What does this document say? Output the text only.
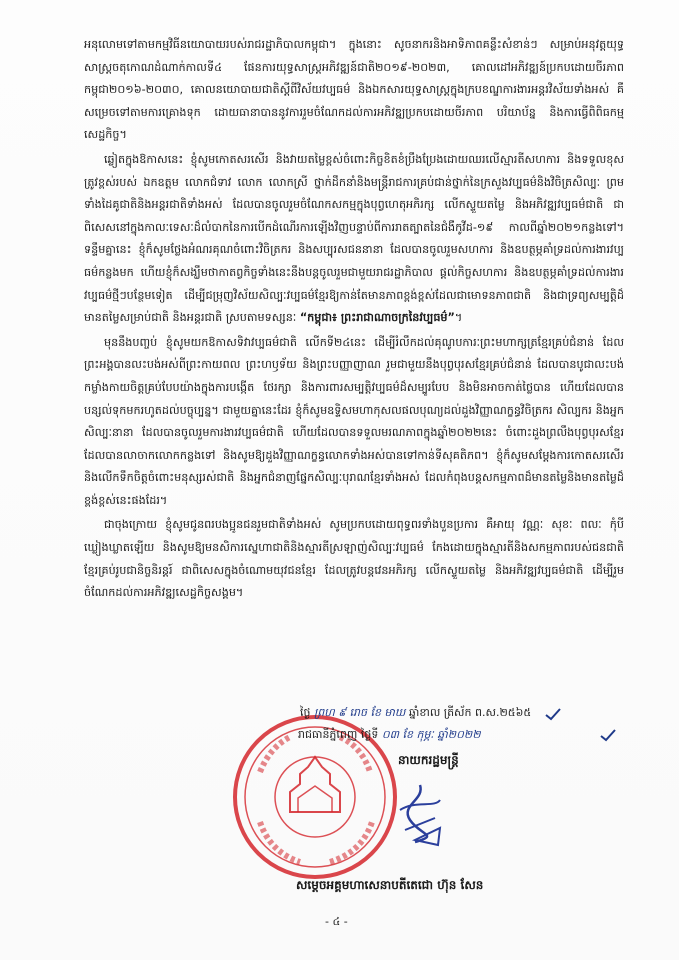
អនុលោមទៅតាមកម្មវិធីនយោបាយរបស់រាជរដ្ឋាភិបាលកម្ពុជា។ ក្នុងនោះ សូចនាករនិងអាទិភាពគន្លឹះសំខាន់ៗ សម្រាប់អនុវត្តយុទ្ធសាស្ត្រចតុកោណដំណាក់កាលទី៤ ផែនការយុទ្ធសាស្ត្រអភិវឌ្ឍន៍ជាតិ២០១៩-២០២៣, គោលដៅអភិវឌ្ឍន៍ប្រកបដោយចីរភាពកម្ពុជា២០១៦-២០៣០, គោលនយោបាយជាតិស្តីពីវិស័យវប្បធម៌ និងឯកសារយុទ្ធសាស្ត្រក្នុងក្របខណ្ឌការងារអន្តរវិស័យទាំងអស់ គឺសម្រេចទៅតាមការគ្រោងទុក ដោយធានាបាននូវការរួមចំណែកដល់ការអភិវឌ្ឍប្រកបដោយចីរភាព បរិយាប័ន្ន និងការធ្វើពិពិធកម្មសេដ្ឋកិច្ច។

ឆ្លៀតក្នុងឱកាសនេះ ខ្ញុំសូមកោតសរសើរ និងវាយតម្លៃខ្ពស់ចំពោះកិច្ចខិតខំប្រឹងប្រែងដោយឈរលើស្មារតីសហការ និងទទួលខុសត្រូវខ្ពស់របស់ ឯកឧត្តម លោកជំទាវ លោក លោកស្រី ថ្នាក់ដឹកនាំនិងមន្ត្រីរាជការគ្រប់ជាន់ថ្នាក់នៃក្រសួងវប្បធម៌និងវិចិត្រសិល្បៈ ព្រមទាំងដៃគូជាតិនិងអន្តរជាតិទាំងអស់ ដែលបានចូលរួមចំណែកសកម្មក្នុងបុព្វហេតុអភិរក្ស លើកស្ទួយតម្លៃ និងអភិវឌ្ឍវប្បធម៌ជាតិ ជាពិសេសនៅក្នុងកាលៈទេសៈដ៏លំបាកនៃការបើកដំណើរការឡើងវិញបន្ទាប់ពីការរាតត្បាតនៃជំងឺកូវីដ-១៩ កាលពីឆ្នាំ២០២១កន្លងទៅ។ ទន្ទឹមគ្នានេះ ខ្ញុំក៏សូមថ្លែងអំណរគុណចំពោះវិចិត្រករ និងសប្បុរសជននានា ដែលបានចូលរួមសហការ និងឧបត្ថម្ភគាំទ្រដល់ការងារវប្បធម៌កន្លងមក ហើយខ្ញុំក៏សង្ឃឹមថាកាតព្វកិច្ចទាំងនេះនឹងបន្តចូលរួមជាមួយរាជរដ្ឋាភិបាល ផ្តល់កិច្ចសហការ និងឧបត្ថម្ភគាំទ្រដល់ការងារវប្បធម៌ថ្មីៗបន្ថែមទៀត ដើម្បីជម្រុញវិស័យសិល្បៈវប្បធម៌ខ្មែរឱ្យកាន់តែមានភាពខ្ពង់ខ្ពស់ដែលជាមោទនភាពជាតិ និងជាទ្រព្យសម្បត្តិដ៏មានតម្លៃសម្រាប់ជាតិ និងអន្តរជាតិ ស្របតាមទស្សនៈ “កម្ពុជា៖ ព្រះរាជាណាចក្រនៃវប្បធម៌”។

មុននឹងបញ្ចប់ ខ្ញុំសូមយកឱកាសទិវាវប្បធម៌ជាតិ លើកទី២៤នេះ ដើម្បីរំលឹកដល់គុណូបការៈព្រះមហាក្សត្រខ្មែរគ្រប់ជំនាន់ ដែលព្រះអង្គបានលះបង់អស់ពីព្រះកាយពល ព្រះហឫទ័យ និងព្រះបញ្ញាញាណ រួមជាមួយនឹងបុព្វបុរសខ្មែរគ្រប់ជំនាន់ ដែលបានបូជាលះបង់កម្លាំងកាយចិត្តគ្រប់បែបយ៉ាងក្នុងការបង្កើត ថែរក្សា និងការពារសម្បត្តិវប្បធម៌ដ៏សម្បូរបែប និងមិនអាចកាត់ថ្លៃបាន ហើយដែលបានបន្សល់ទុកមករហូតដល់បច្ចុប្បន្ន។ ជាមួយគ្នានេះដែរ ខ្ញុំក៏សូមឧទ្ទិសមហាកុសលផលបុណ្យដល់ដួងវិញ្ញាណក្ខន្ធវិចិត្រករ សិល្បករ និងអ្នកសិល្បៈនានា ដែលបានចូលរួមការងារវប្បធម៌ជាតិ ហើយដែលបានទទួលមរណភាពក្នុងឆ្នាំ២០២២នេះ ចំពោះដួងព្រលឹងបុព្វបុរសខ្មែរ ដែលបានលាចាកលោកកន្លងទៅ និងសូមឱ្យដួងវិញ្ញាណក្ខន្ធលោកទាំងអស់បានទៅកាន់ទីសុគតិភព។ ខ្ញុំក៏សូមសម្តែងការកោតសរសើរ និងលើកទឹកចិត្តចំពោះមនុស្សរស់ជាតិ និងអ្នកជំនាញផ្នែកសិល្បៈបុរាណខ្មែរទាំងអស់ ដែលកំពុងបន្តសកម្មភាពដ៏មានតម្លៃនិងមានតម្លៃដ៏ខ្ពង់ខ្ពស់នេះផងដែរ។

ជាចុងក្រោយ ខ្ញុំសូមជូនពរបងប្អូនជនរួមជាតិទាំងអស់ សូមប្រកបដោយពុទ្ធពរទាំងបួនប្រការ គឺអាយុ វណ្ណៈ សុខៈ ពលៈ កុំបីឃ្លៀងឃ្លាតឡើយ និងសូមឱ្យមនសិការស្នេហាជាតិនិងស្មារតីស្រឡាញ់សិល្បៈវប្បធម៌ កែងដោយក្នុងស្មារតីនិងសកម្មភាពរបស់ជនជាតិខ្មែរគ្រប់រូបជានិច្ចនិរន្តរ៍ ជាពិសេសក្នុងចំណោមយុវជនខ្មែរ ដែលត្រូវបន្តវេនអភិរក្ស លើកស្ទួយតម្លៃ និងអភិវឌ្ឍវប្បធម៌ជាតិ ដើម្បីរួមចំណែកដល់ការអភិវឌ្ឍសេដ្ឋកិច្ចសង្គម។

ថ្ងៃ ព្រហ ៩ រោច ខែ មាឃ ឆ្នាំខាល ត្រីស័ក ព.ស.២៥៦៥
រាជធានីភ្នំពេញ ថ្ងៃទី ០៣ ខែ កុម្ភៈ ឆ្នាំ២០២២
នាយករដ្ឋមន្ត្រី
សម្តេចអគ្គមហាសេនាបតីតេជោ ហ៊ុន សែន
- ៤ -
